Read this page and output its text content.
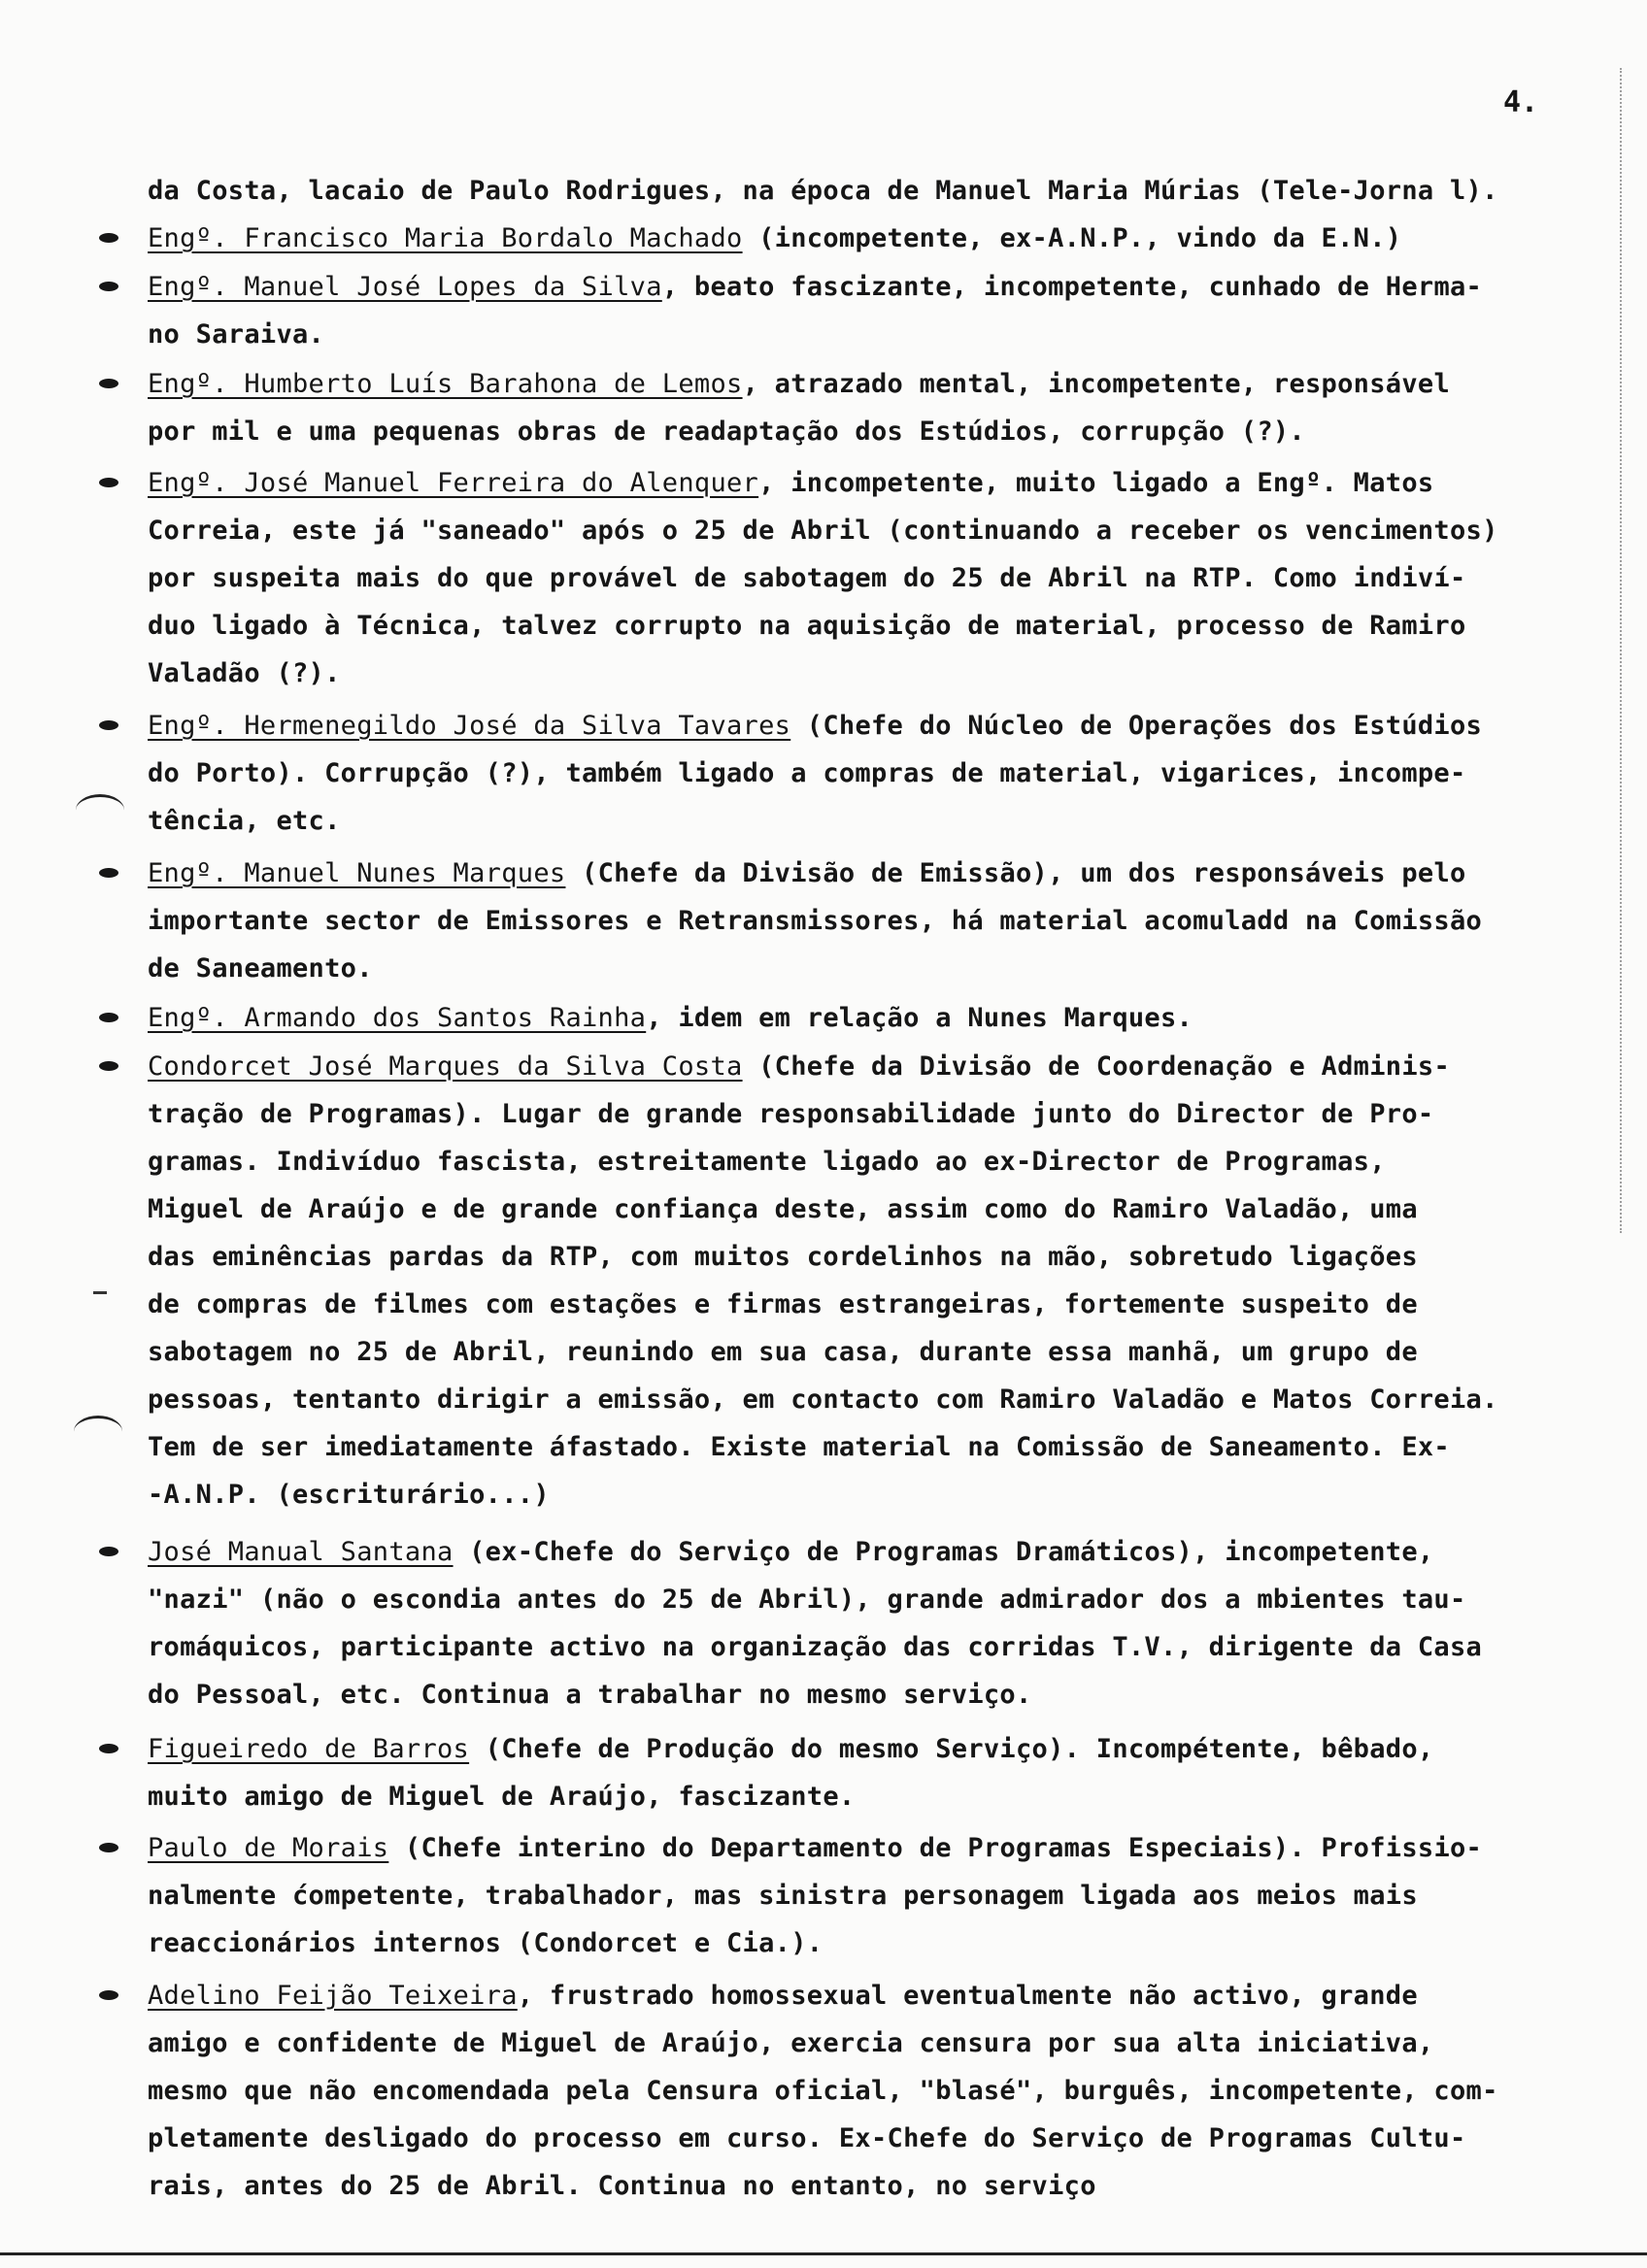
4.
da Costa, lacaio de Paulo Rodrigues, na época de Manuel Maria Múrias (Tele-Jorna l).
Engº. Francisco Maria Bordalo Machado (incompetente, ex-A.N.P., vindo da E.N.)
Engº. Manuel José Lopes da Silva, beato fascizante, incompetente, cunhado de Herma-
no Saraiva.
Engº. Humberto Luís Barahona de Lemos, atrazado mental, incompetente, responsável
por mil e uma pequenas obras de readaptação dos Estúdios, corrupção (?).
Engº. José Manuel Ferreira do Alenquer, incompetente, muito ligado a Engº. Matos
Correia, este já "saneado" após o 25 de Abril (continuando a receber os vencimentos)
por suspeita mais do que provável de sabotagem do 25 de Abril na RTP. Como indiví-
duo ligado à Técnica, talvez corrupto na aquisição de material, processo de Ramiro
Valadão (?).
Engº. Hermenegildo José da Silva Tavares (Chefe do Núcleo de Operações dos Estúdios
do Porto). Corrupção (?), também ligado a compras de material, vigarices, incompe-
tência, etc.
Engº. Manuel Nunes Marques (Chefe da Divisão de Emissão), um dos responsáveis pelo
importante sector de Emissores e Retransmissores, há material acomuladd na Comissão
de Saneamento.
Engº. Armando dos Santos Rainha, idem em relação a Nunes Marques.
Condorcet José Marques da Silva Costa (Chefe da Divisão de Coordenação e Adminis-
tração de Programas). Lugar de grande responsabilidade junto do Director de Pro-
gramas. Indivíduo fascista, estreitamente ligado ao ex-Director de Programas,
Miguel de Araújo e de grande confiança deste, assim como do Ramiro Valadão, uma
das eminências pardas da RTP, com muitos cordelinhos na mão, sobretudo ligações
de compras de filmes com estações e firmas estrangeiras, fortemente suspeito de
sabotagem no 25 de Abril, reunindo em sua casa, durante essa manhã, um grupo de
pessoas, tentanto dirigir a emissão, em contacto com Ramiro Valadão e Matos Correia.
Tem de ser imediatamente áfastado. Existe material na Comissão de Saneamento. Ex-
-A.N.P. (escriturário...)
José Manual Santana (ex-Chefe do Serviço de Programas Dramáticos), incompetente,
"nazi" (não o escondia antes do 25 de Abril), grande admirador dos a mbientes tau-
romáquicos, participante activo na organização das corridas T.V., dirigente da Casa
do Pessoal, etc. Continua a trabalhar no mesmo serviço.
Figueiredo de Barros (Chefe de Produção do mesmo Serviço). Incompétente, bêbado,
muito amigo de Miguel de Araújo, fascizante.
Paulo de Morais (Chefe interino do Departamento de Programas Especiais). Profissio-
nalmente ćompetente, trabalhador, mas sinistra personagem ligada aos meios mais
reaccionários internos (Condorcet e Cia.).
Adelino Feijão Teixeira, frustrado homossexual eventualmente não activo, grande
amigo e confidente de Miguel de Araújo, exercia censura por sua alta iniciativa,
mesmo que não encomendada pela Censura oficial, "blasé", burguês, incompetente, com-
pletamente desligado do processo em curso. Ex-Chefe do Serviço de Programas Cultu-
rais, antes do 25 de Abril. Continua no entanto, no serviço
